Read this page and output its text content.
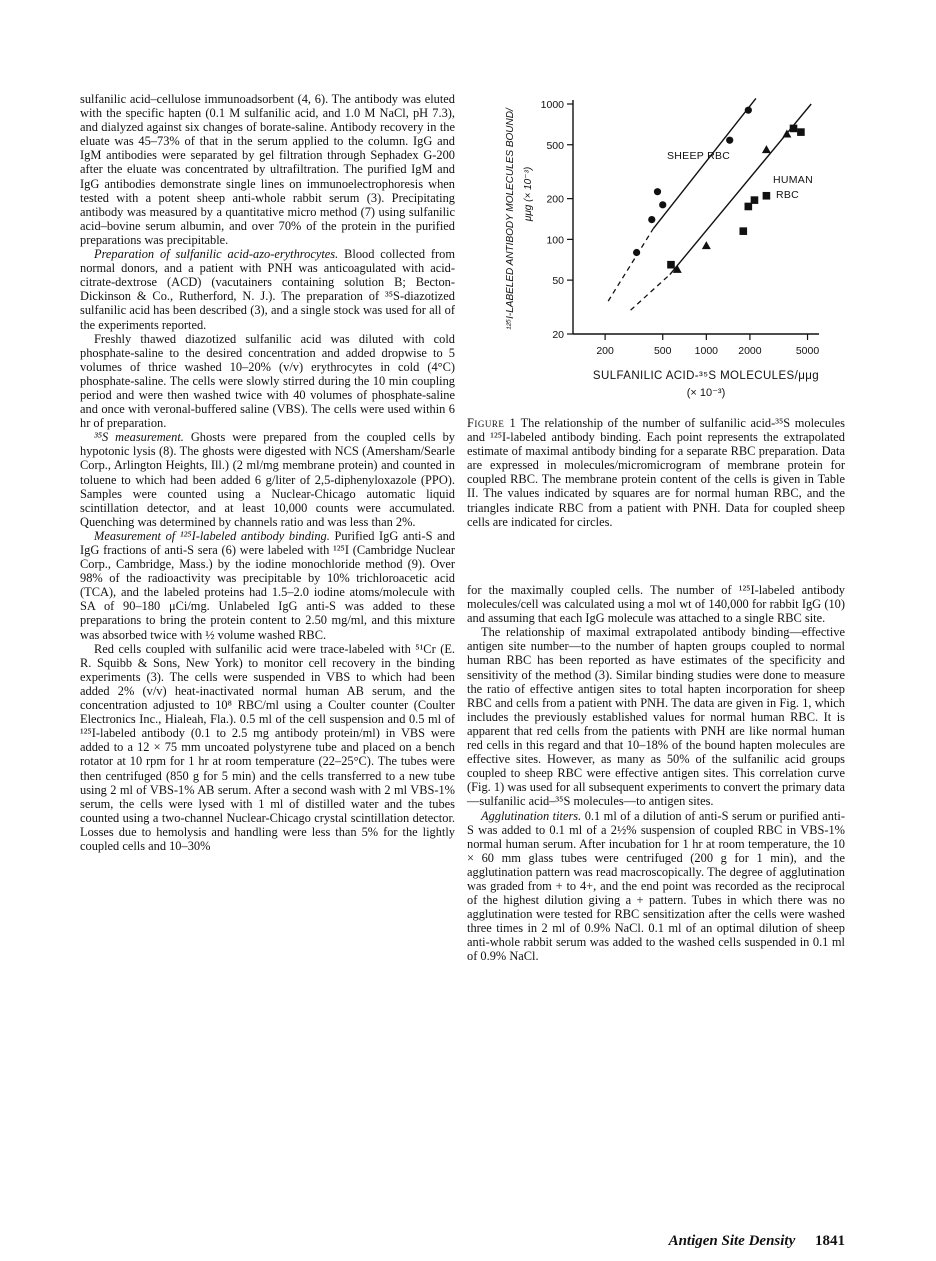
sulfanilic acid–cellulose immunoadsorbent (4, 6). The antibody was eluted with the specific hapten (0.1 M sulfanilic acid, and 1.0 M NaCl, pH 7.3), and dialyzed against six changes of borate-saline. Antibody recovery in the eluate was 45–73% of that in the serum applied to the column. IgG and IgM antibodies were separated by gel filtration through Sephadex G-200 after the eluate was concentrated by ultrafiltration. The purified IgM and IgG antibodies demonstrate single lines on immunoelectrophoresis when tested with a potent sheep anti-whole rabbit serum (3). Precipitating antibody was measured by a quantitative micro method (7) using sulfanilic acid–bovine serum albumin, and over 70% of the protein in the purified preparations was precipitable.

Preparation of sulfanilic acid-azo-erythrocytes. Blood collected from normal donors, and a patient with PNH was anticoagulated with acid-citrate-dextrose (ACD) (vacutainers containing solution B; Becton-Dickinson & Co., Rutherford, N. J.). The preparation of ³⁵S-diazotized sulfanilic acid has been described (3), and a single stock was used for all of the experiments reported.

Freshly thawed diazotized sulfanilic acid was diluted with cold phosphate-saline to the desired concentration and added dropwise to 5 volumes of thrice washed 10–20% (v/v) erythrocytes in cold (4°C) phosphate-saline. The cells were slowly stirred during the 10 min coupling period and were then washed twice with 40 volumes of phosphate-saline and once with veronal-buffered saline (VBS). The cells were used within 6 hr of preparation.

³⁵S measurement. Ghosts were prepared from the coupled cells by hypotonic lysis (8). The ghosts were digested with NCS (Amersham/Searle Corp., Arlington Heights, Ill.) (2 ml/mg membrane protein) and counted in toluene to which had been added 6 g/liter of 2,5-diphenyloxazole (PPO). Samples were counted using a Nuclear-Chicago automatic liquid scintillation detector, and at least 10,000 counts were accumulated. Quenching was determined by channels ratio and was less than 2%.

Measurement of ¹²⁵I-labeled antibody binding. Purified IgG anti-S and IgG fractions of anti-S sera (6) were labeled with ¹²⁵I (Cambridge Nuclear Corp., Cambridge, Mass.) by the iodine monochloride method (9). Over 98% of the radioactivity was precipitable by 10% trichloroacetic acid (TCA), and the labeled proteins had 1.5–2.0 iodine atoms/molecule with SA of 90–180 μCi/mg. Unlabeled IgG anti-S was added to these preparations to bring the protein content to 2.50 mg/ml, and this mixture was absorbed twice with ½ volume washed RBC.

Red cells coupled with sulfanilic acid were trace-labeled with ⁵¹Cr (E. R. Squibb & Sons, New York) to monitor cell recovery in the binding experiments (3). The cells were suspended in VBS to which had been added 2% (v/v) heat-inactivated normal human AB serum, and the concentration adjusted to 10⁸ RBC/ml using a Coulter counter (Coulter Electronics Inc., Hialeah, Fla.). 0.5 ml of the cell suspension and 0.5 ml of ¹²⁵I-labeled antibody (0.1 to 2.5 mg antibody protein/ml) in VBS were added to a 12 × 75 mm uncoated polystyrene tube and placed on a bench rotator at 10 rpm for 1 hr at room temperature (22–25°C). The tubes were then centrifuged (850 g for 5 min) and the cells transferred to a new tube using 2 ml of VBS-1% AB serum. After a second wash with 2 ml VBS-1% serum, the cells were lysed with 1 ml of distilled water and the tubes counted using a two-channel Nuclear-Chicago crystal scintillation detector. Losses due to hemolysis and handling were less than 5% for the lightly coupled cells and 10–30%

20
50
100
200
500
1000
200	500 1000 2000	5000
SULFANILIC ACID-³⁵S MOLECULES/μμg
(× 10⁻³)
¹²⁵I-LABELED ANTIBODY MOLECULES BOUND/ μμg (× 10⁻³)
SHEEP RBC
HUMAN
RBC
Figure 1 The relationship of the number of sulfanilic acid-³⁵S molecules and ¹²⁵I-labeled antibody binding. Each point represents the extrapolated estimate of maximal antibody binding for a separate RBC preparation. Data are expressed in molecules/micromicrogram of membrane protein for coupled RBC. The membrane protein content of the cells is given in Table II. The values indicated by squares are for normal human RBC, and the triangles indicate RBC from a patient with PNH. Data for coupled sheep cells are indicated for circles.

for the maximally coupled cells. The number of ¹²⁵I-labeled antibody molecules/cell was calculated using a mol wt of 140,000 for rabbit IgG (10) and assuming that each IgG molecule was attached to a single RBC site.

The relationship of maximal extrapolated antibody binding—effective antigen site number—to the number of hapten groups coupled to normal human RBC has been reported as have estimates of the specificity and sensitivity of the method (3). Similar binding studies were done to measure the ratio of effective antigen sites to total hapten incorporation for sheep RBC and cells from a patient with PNH. The data are given in Fig. 1, which includes the previously established values for normal human RBC. It is apparent that red cells from the patients with PNH are like normal human red cells in this regard and that 10–18% of the bound hapten molecules are effective sites. However, as many as 50% of the sulfanilic acid groups coupled to sheep RBC were effective antigen sites. This correlation curve (Fig. 1) was used for all subsequent experiments to convert the primary data—sulfanilic acid–³⁵S molecules—to antigen sites.

Agglutination titers. 0.1 ml of a dilution of anti-S serum or purified anti-S was added to 0.1 ml of a 2½% suspension of coupled RBC in VBS-1% normal human serum. After incubation for 1 hr at room temperature, the 10 × 60 mm glass tubes were centrifuged (200 g for 1 min), and the agglutination pattern was read macroscopically. The degree of agglutination was graded from + to 4+, and the end point was recorded as the reciprocal of the highest dilution giving a + pattern. Tubes in which there was no agglutination were tested for RBC sensitization after the cells were washed three times in 2 ml of 0.9% NaCl. 0.1 ml of an optimal dilution of sheep anti-whole rabbit serum was added to the washed cells suspended in 0.1 ml of 0.9% NaCl.

Antigen Site Density 1841
